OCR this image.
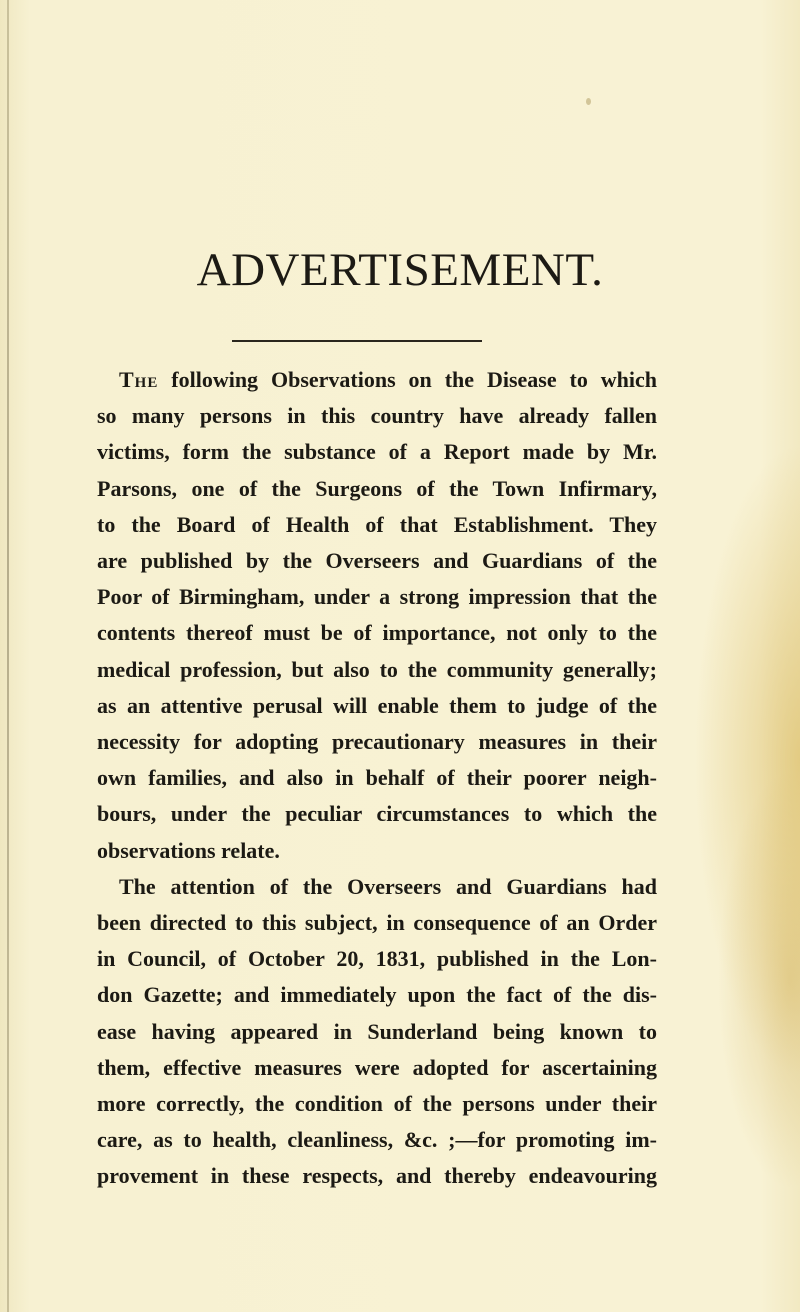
ADVERTISEMENT.
The following Observations on the Disease to which
so many persons in this country have already fallen
victims, form the substance of a Report made by Mr.
Parsons, one of the Surgeons of the Town Infirmary,
to the Board of Health of that Establishment. They
are published by the Overseers and Guardians of the
Poor of Birmingham, under a strong impression that the
contents thereof must be of importance, not only to the
medical profession, but also to the community generally;
as an attentive perusal will enable them to judge of the
necessity for adopting precautionary measures in their
own families, and also in behalf of their poorer neigh-
bours, under the peculiar circumstances to which the
observations relate.
The attention of the Overseers and Guardians had
been directed to this subject, in consequence of an Order
in Council, of October 20, 1831, published in the Lon-
don Gazette; and immediately upon the fact of the dis-
ease having appeared in Sunderland being known to
them, effective measures were adopted for ascertaining
more correctly, the condition of the persons under their
care, as to health, cleanliness, &c. ;—for promoting im-
provement in these respects, and thereby endeavouring
